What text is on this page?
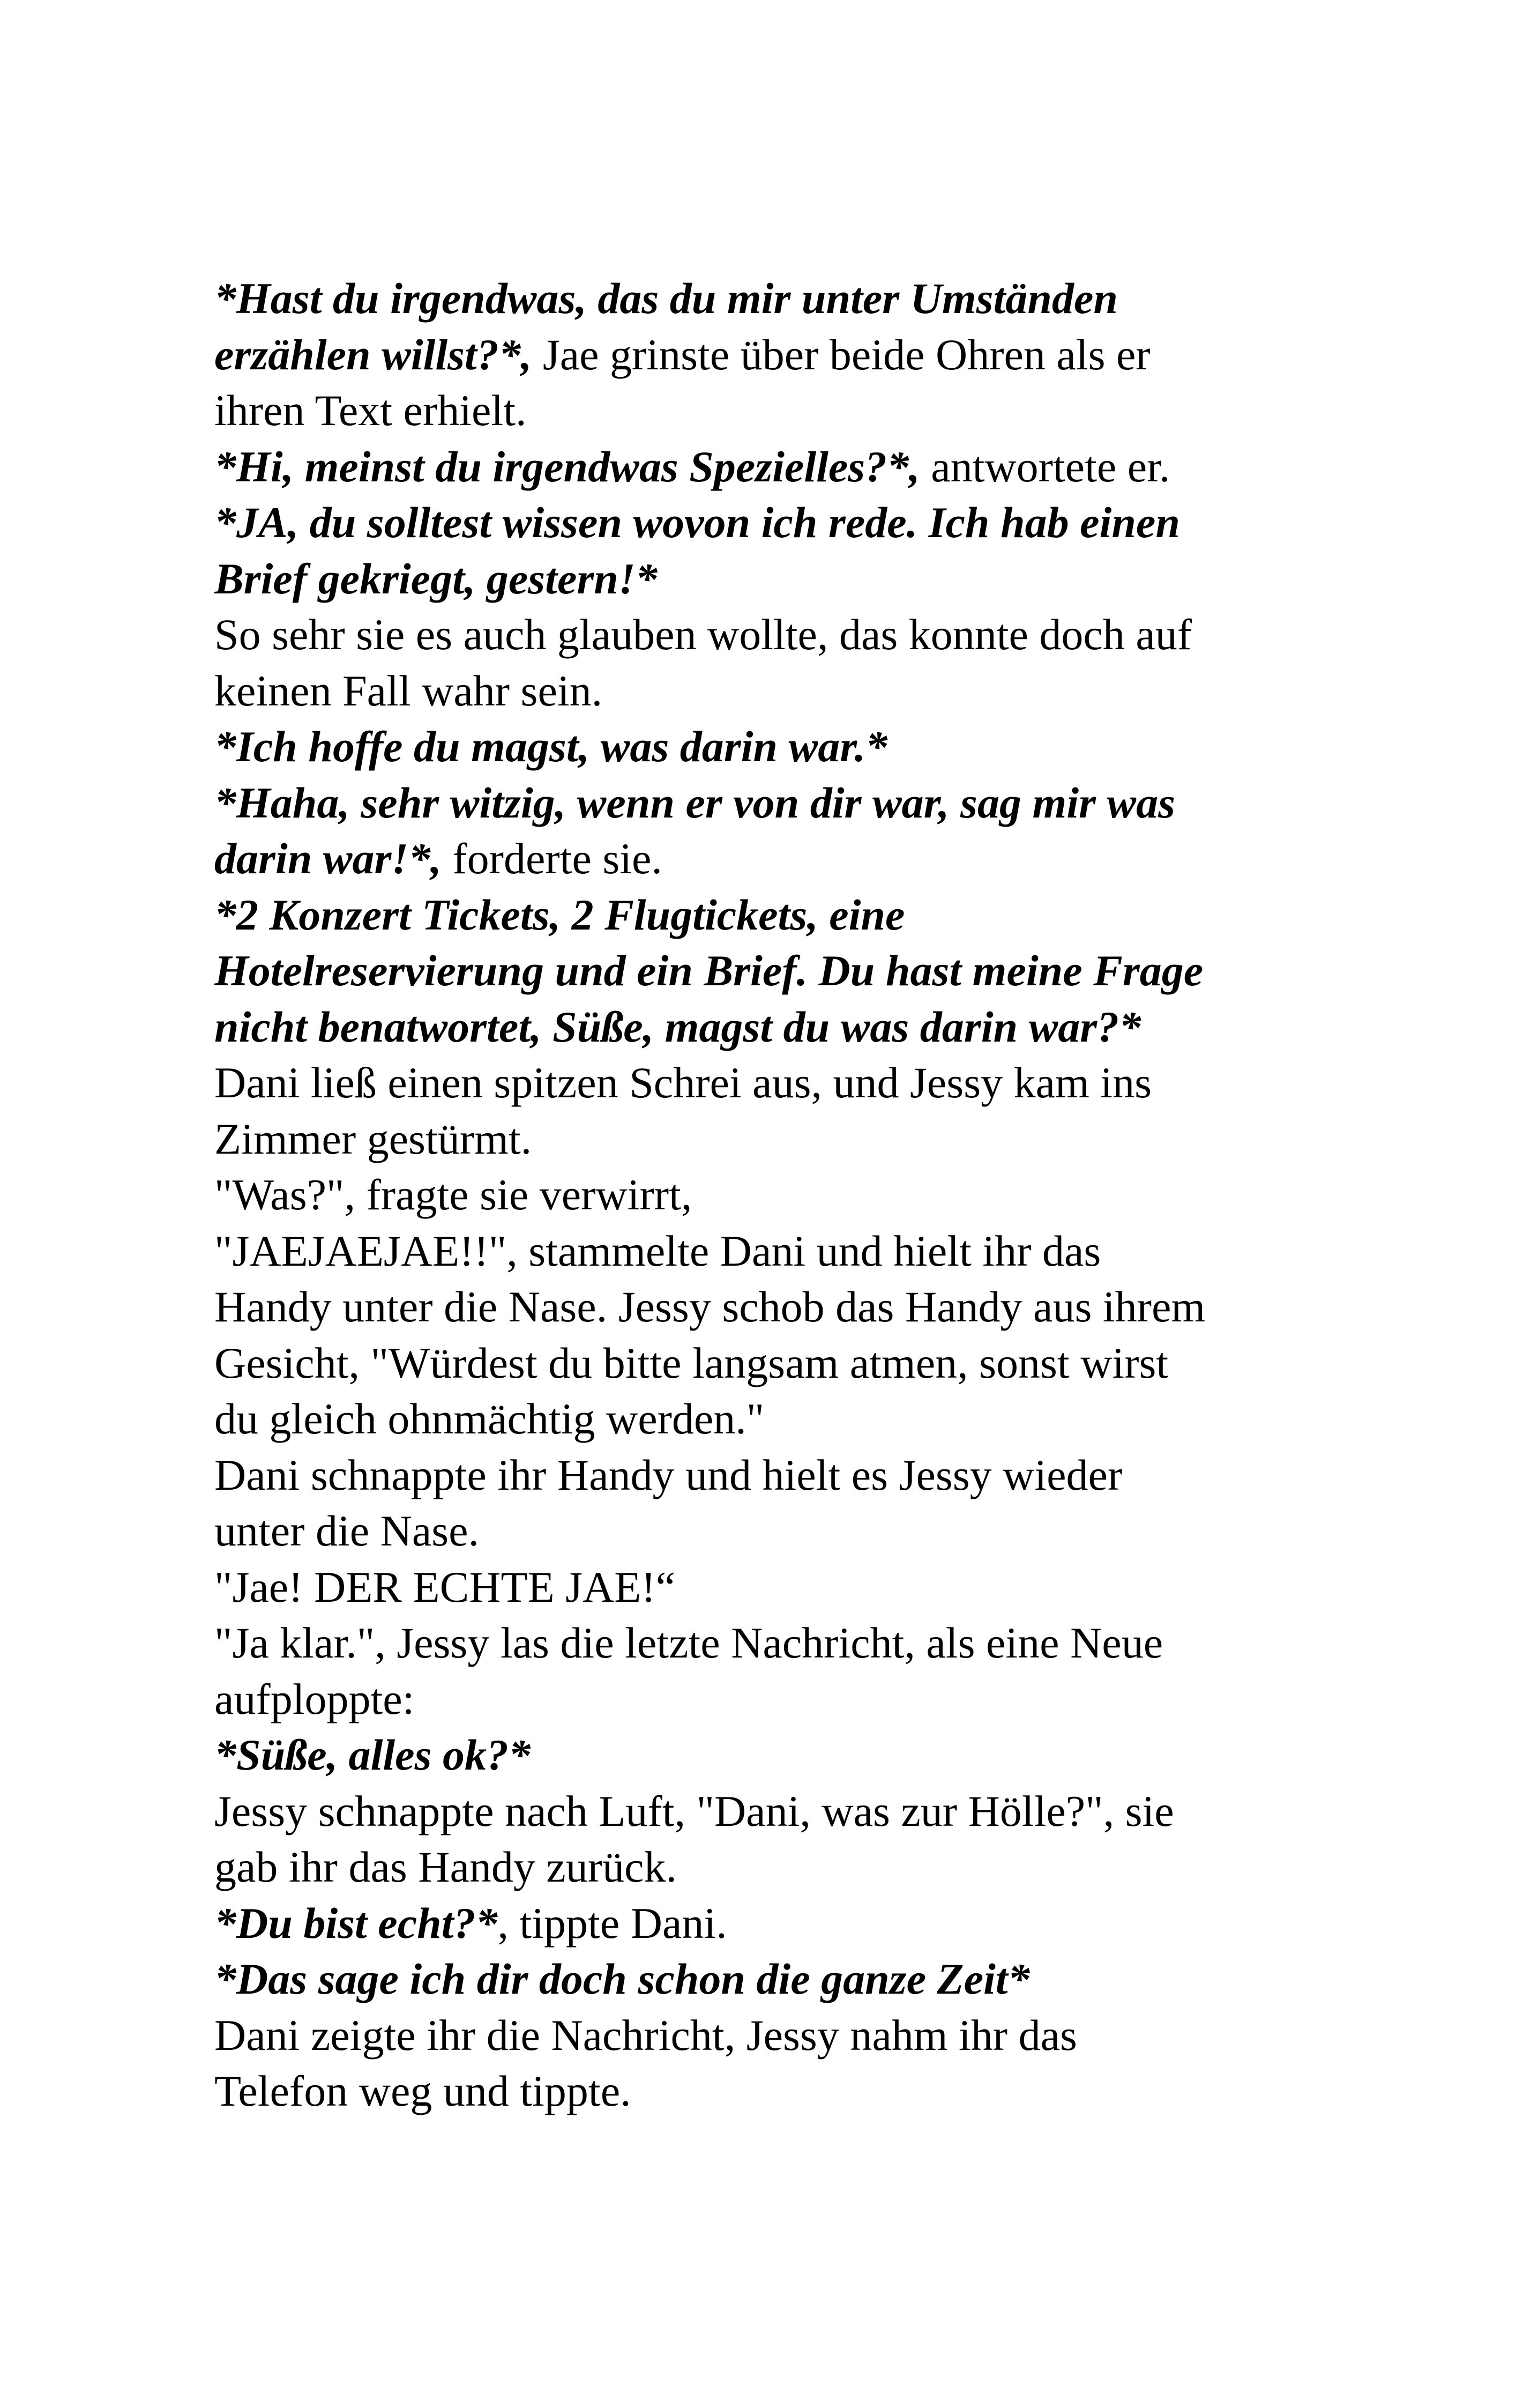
*Hast du irgendwas, das du mir unter Umständen
erzählen willst?*, Jae grinste über beide Ohren als er
ihren Text erhielt.
*Hi, meinst du irgendwas Spezielles?*, antwortete er.
*JA, du solltest wissen wovon ich rede. Ich hab einen
Brief gekriegt, gestern!*
So sehr sie es auch glauben wollte, das konnte doch auf
keinen Fall wahr sein.
*Ich hoffe du magst, was darin war.*
*Haha, sehr witzig, wenn er von dir war, sag mir was
darin war!*, forderte sie.
*2 Konzert Tickets, 2 Flugtickets, eine
Hotelreservierung und ein Brief. Du hast meine Frage
nicht benatwortet, Süße, magst du was darin war?*
Dani ließ einen spitzen Schrei aus, und Jessy kam ins
Zimmer gestürmt.
"Was?", fragte sie verwirrt,
"JAEJAEJAE!!", stammelte Dani und hielt ihr das
Handy unter die Nase. Jessy schob das Handy aus ihrem
Gesicht, "Würdest du bitte langsam atmen, sonst wirst
du gleich ohnmächtig werden."
Dani schnappte ihr Handy und hielt es Jessy wieder
unter die Nase.
"Jae! DER ECHTE JAE!“
"Ja klar.", Jessy las die letzte Nachricht, als eine Neue
aufploppte:
*Süße, alles ok?*
Jessy schnappte nach Luft, "Dani, was zur Hölle?", sie
gab ihr das Handy zurück.
*Du bist echt?*, tippte Dani.
*Das sage ich dir doch schon die ganze Zeit*
Dani zeigte ihr die Nachricht, Jessy nahm ihr das
Telefon weg und tippte.
